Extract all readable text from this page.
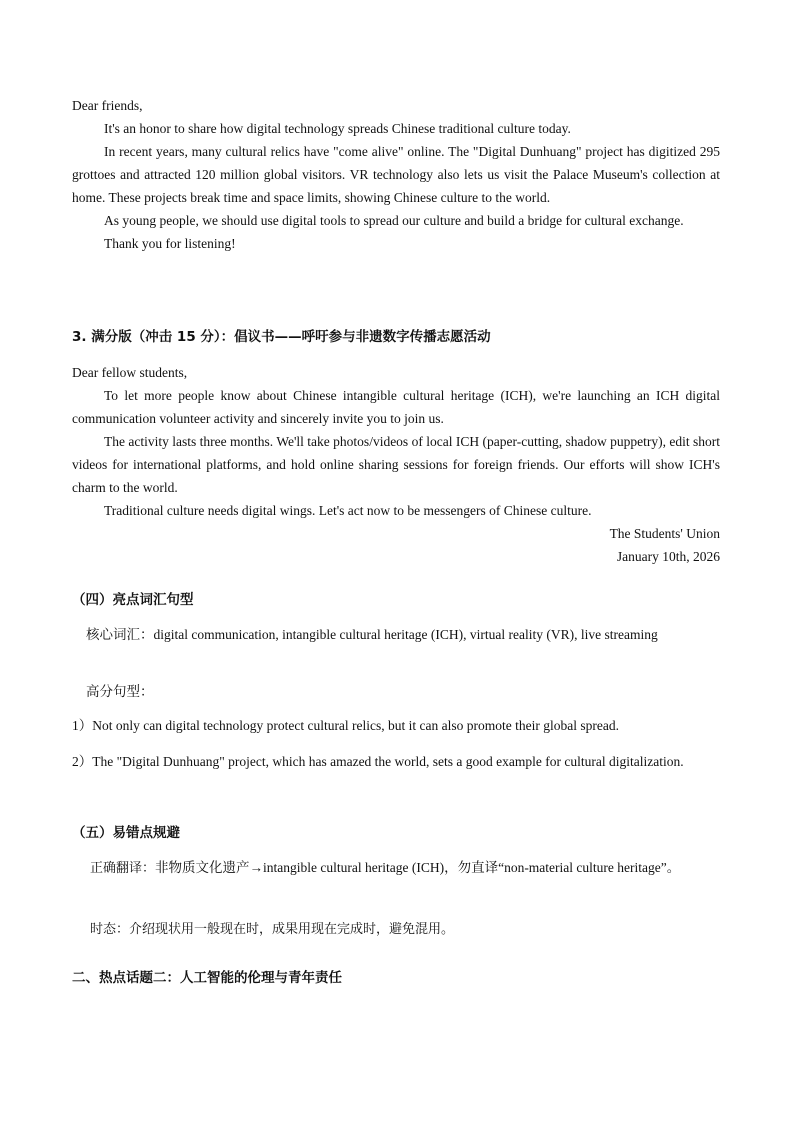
Dear friends,

It's an honor to share how digital technology spreads Chinese traditional culture today.

In recent years, many cultural relics have "come alive" online. The "Digital Dunhuang" project has digitized 295 grottoes and attracted 120 million global visitors. VR technology also lets us visit the Palace Museum's collection at home. These projects break time and space limits, showing Chinese culture to the world.

As young people, we should use digital tools to spread our culture and build a bridge for cultural exchange.

Thank you for listening!

3. 满分版（冲击 15 分）：倡议书——呼吁参与非遗数字传播志愿活动

Dear fellow students,

To let more people know about Chinese intangible cultural heritage (ICH), we're launching an ICH digital communication volunteer activity and sincerely invite you to join us.

The activity lasts three months. We'll take photos/videos of local ICH (paper-cutting, shadow puppetry), edit short videos for international platforms, and hold online sharing sessions for foreign friends. Our efforts will show ICH's charm to the world.

Traditional culture needs digital wings. Let's act now to be messengers of Chinese culture.

The Students' Union

January 10th, 2026

（四）亮点词汇句型
核心词汇：digital communication, intangible cultural heritage (ICH), virtual reality (VR), live streaming
高分句型：
1）Not only can digital technology protect cultural relics, but it can also promote their global spread.
2）The "Digital Dunhuang" project, which has amazed the world, sets a good example for cultural digitalization.
（五）易错点规避
正确翻译：非物质文化遗产→intangible cultural heritage (ICH)，勿直译“non-material culture heritage”。
时态：介绍现状用一般现在时，成果用现在完成时，避免混用。
二、热点话题二：人工智能的伦理与青年责任
